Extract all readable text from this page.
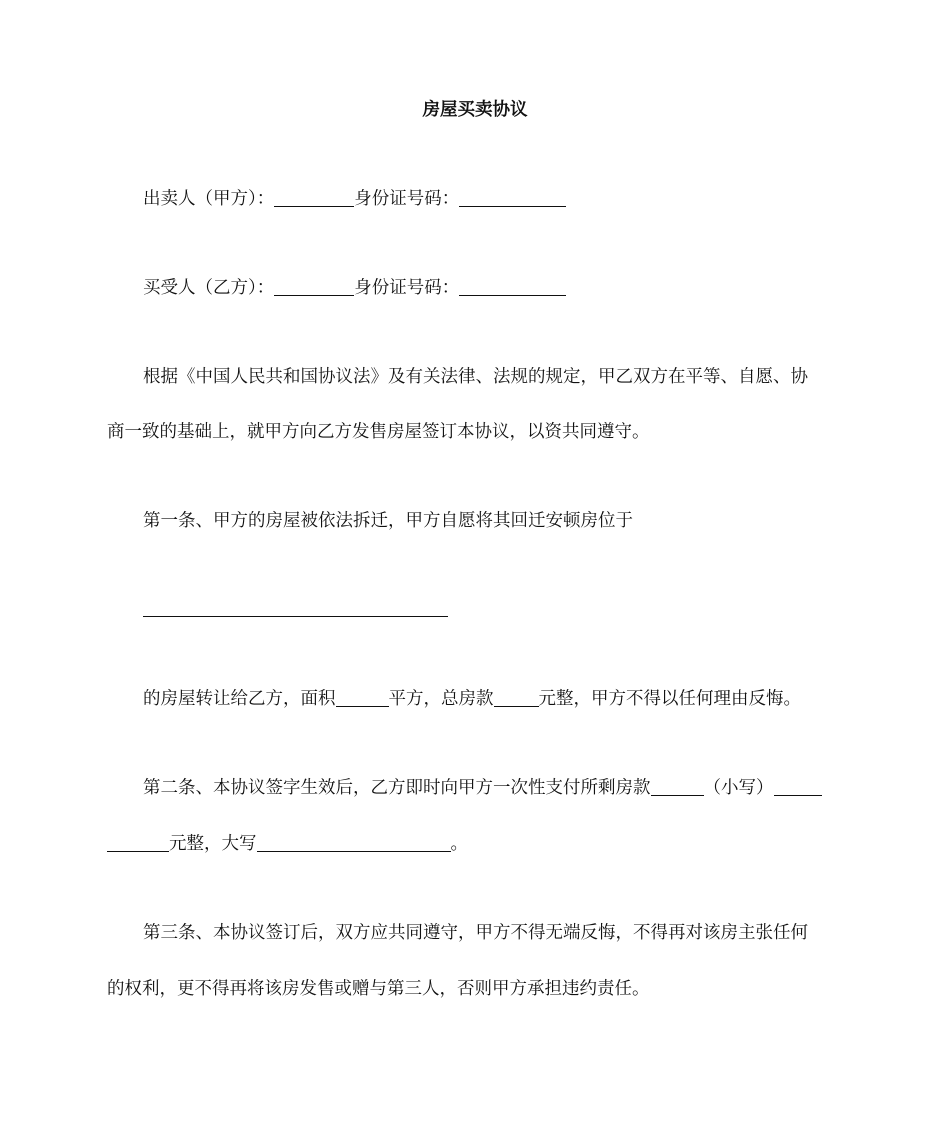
房屋买卖协议
出卖人（甲方）：	身份证号码：
买受人（乙方）：	身份证号码：
根据《中国人民共和国协议法》及有关法律、法规的规定，甲乙双方在平等、自愿、协
商一致的基础上，就甲方向乙方发售房屋签订本协议，以资共同遵守。
第一条、甲方的房屋被依法拆迁，甲方自愿将其回迁安顿房位于
的房屋转让给乙方，面积	平方，总房款	元整，甲方不得以任何理由反悔。
第二条、本协议签字生效后，乙方即时向甲方一次性支付所剩房款	（小写）
元整，大写	。
第三条、本协议签订后，双方应共同遵守，甲方不得无端反悔，不得再对该房主张任何
的权利，更不得再将该房发售或赠与第三人，否则甲方承担违约责任。
